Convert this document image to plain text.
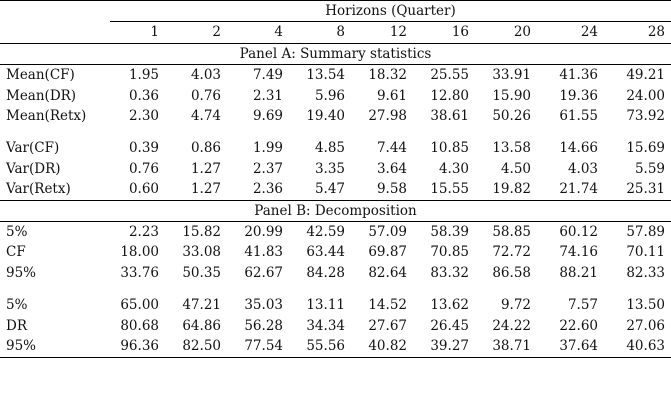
	Horizons (Quarter)								
	1	2	4	8	12	16	20	24	28
Panel A: Summary statistics									
Mean(CF)	1.95	4.03	7.49	13.54	18.32	25.55	33.91	41.36	49.21
Mean(DR)	0.36	0.76	2.31	5.96	9.61	12.80	15.90	19.36	24.00
Mean(Retx)	2.30	4.74	9.69	19.40	27.98	38.61	50.26	61.55	73.92

Var(CF)	0.39	0.86	1.99	4.85	7.44	10.85	13.58	14.66	15.69
Var(DR)	0.76	1.27	2.37	3.35	3.64	4.30	4.50	4.03	5.59
Var(Retx)	0.60	1.27	2.36	5.47	9.58	15.55	19.82	21.74	25.31
Panel B: Decomposition									
5%	2.23	15.82	20.99	42.59	57.09	58.39	58.85	60.12	57.89
CF	18.00	33.08	41.83	63.44	69.87	70.85	72.72	74.16	70.11
95%	33.76	50.35	62.67	84.28	82.64	83.32	86.58	88.21	82.33

5%	65.00	47.21	35.03	13.11	14.52	13.62	9.72	7.57	13.50
DR	80.68	64.86	56.28	34.34	27.67	26.45	24.22	22.60	27.06
95%	96.36	82.50	77.54	55.56	40.82	39.27	38.71	37.64	40.63
